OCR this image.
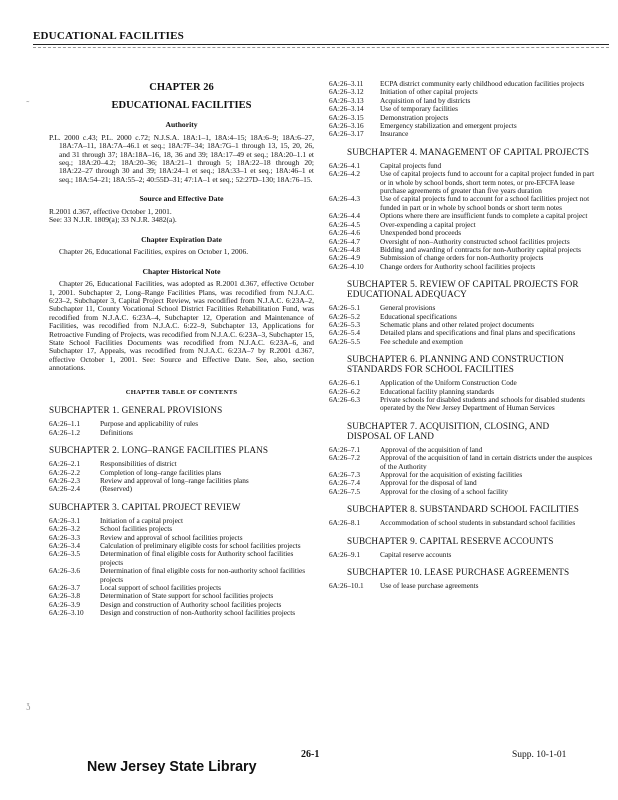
EDUCATIONAL FACILITIES
˷
ʖ
CHAPTER 26
EDUCATIONAL FACILITIES
Authority
P.L. 2000 c.43; P.L. 2000 c.72; N.J.S.A. 18A:1–1, 18A:4–15; 18A:6–9; 18A:6–27, 18A:7A–11, 18A:7A–46.1 et seq.; 18A:7F–34; 18A:7G–1 through 13, 15, 20, 26, and 31 through 37; 18A:18A–16, 18, 36 and 39; 18A:17–49 et seq.; 18A:20–1.1 et seq.; 18A:20–4.2; 18A:20–36; 18A:21–1 through 5; 18A:22–18 through 20; 18A:22–27 through 30 and 39; 18A:24–1 et seq.; 18A:33–1 et seq.; 18A:46–1 et seq.; 18A:54–21; 18A:55–2; 40:55D–31; 47:1A–1 et seq.; 52:27D–130; 18A:76–15.
Source and Effective Date
R.2001 d.367, effective October 1, 2001.
See: 33 N.J.R. 1809(a); 33 N.J.R. 3482(a).
Chapter Expiration Date
Chapter 26, Educational Facilities, expires on October 1, 2006.
Chapter Historical Note
Chapter 26, Educational Facilities, was adopted as R.2001 d.367, effective October 1, 2001. Subchapter 2, Long–Range Facilities Plans, was recodified from N.J.A.C. 6:23–2, Subchapter 3, Capital Project Review, was recodified from N.J.A.C. 6:23A–2, Subchapter 11, County Vocational School District Facilities Rehabilitation Fund, was recodified from N.J.A.C. 6:23A–4, Subchapter 12, Operation and Maintenance of Facilities, was recodified from N.J.A.C. 6:22–9, Subchapter 13, Applications for Retroactive Funding of Projects, was recodified from N.J.A.C. 6:23A–3, Subchapter 15, State School Facilities Documents was recodified from N.J.A.C. 6:23A–6, and Subchapter 17, Appeals, was recodified from N.J.A.C. 6:23A–7 by R.2001 d.367, effective October 1, 2001. See: Source and Effective Date. See, also, section annotations.
CHAPTER TABLE OF CONTENTS
SUBCHAPTER 1. GENERAL PROVISIONS
6A:26–1.1	Purpose and applicability of rules
6A:26–1.2	Definitions
SUBCHAPTER 2. LONG–RANGE FACILITIES PLANS
6A:26–2.1	Responsibilities of district
6A:26–2.2	Completion of long–range facilities plans
6A:26–2.3	Review and approval of long–range facilities plans
6A:26–2.4	(Reserved)
SUBCHAPTER 3. CAPITAL PROJECT REVIEW
6A:26–3.1	Initiation of a capital project
6A:26–3.2	School facilities projects
6A:26–3.3	Review and approval of school facilities projects
6A:26–3.4	Calculation of preliminary eligible costs for school facilities projects
6A:26–3.5	Determination of final eligible costs for Authority school facilities projects
6A:26–3.6	Determination of final eligible costs for non-authority school facilities projects
6A:26–3.7	Local support of school facilities projects
6A:26–3.8	Determination of State support for school facilities projects
6A:26–3.9	Design and construction of Authority school facilities projects
6A:26–3.10	Design and construction of non-Authority school facilities projects
6A:26–3.11	ECPA district community early childhood education facilities projects
6A:26–3.12	Initiation of other capital projects
6A:26–3.13	Acquisition of land by districts
6A:26–3.14	Use of temporary facilities
6A:26–3.15	Demonstration projects
6A:26–3.16	Emergency stabilization and emergent projects
6A:26–3.17	Insurance
SUBCHAPTER 4. MANAGEMENT OF CAPITAL PROJECTS
6A:26–4.1	Capital projects fund
6A:26–4.2	Use of capital projects fund to account for a capital project funded in part or in whole by school bonds, short term notes, or pre-EFCFA lease purchase agreements of greater than five years duration
6A:26–4.3	Use of capital projects fund to account for a school facilities project not funded in part or in whole by school bonds or short term notes
6A:26–4.4	Options where there are insufficient funds to complete a capital project
6A:26–4.5	Over-expending a capital project
6A:26–4.6	Unexpended bond proceeds
6A:26–4.7	Oversight of non–Authority constructed school facilities projects
6A:26–4.8	Bidding and awarding of contracts for non-Authority capital projects
6A:26–4.9	Submission of change orders for non-Authority projects
6A:26–4.10	Change orders for Authority school facilities projects
SUBCHAPTER 5. REVIEW OF CAPITAL PROJECTS FOR EDUCATIONAL ADEQUACY
6A:26–5.1	General provisions
6A:26–5.2	Educational specifications
6A:26–5.3	Schematic plans and other related project documents
6A:26–5.4	Detailed plans and specifications and final plans and specifications
6A:26–5.5	Fee schedule and exemption
SUBCHAPTER 6. PLANNING AND CONSTRUCTION STANDARDS FOR SCHOOL FACILITIES
6A:26–6.1	Application of the Uniform Construction Code
6A:26–6.2	Educational facility planning standards
6A:26–6.3	Private schools for disabled students and schools for disabled students operated by the New Jersey Department of Human Services
SUBCHAPTER 7. ACQUISITION, CLOSING, AND DISPOSAL OF LAND
6A:26–7.1	Approval of the acquisition of land
6A:26–7.2	Approval of the acquisition of land in certain districts under the auspices of the Authority
6A:26–7.3	Approval for the acquisition of existing facilities
6A:26–7.4	Approval for the disposal of land
6A:26–7.5	Approval for the closing of a school facility
SUBCHAPTER 8. SUBSTANDARD SCHOOL FACILITIES
6A:26–8.1	Accommodation of school students in substandard school facilities
SUBCHAPTER 9. CAPITAL RESERVE ACCOUNTS
6A:26–9.1	Capital reserve accounts
SUBCHAPTER 10. LEASE PURCHASE AGREEMENTS
6A:26–10.1	Use of lease purchase agreements
New Jersey State Library
26-1	Supp. 10-1-01
